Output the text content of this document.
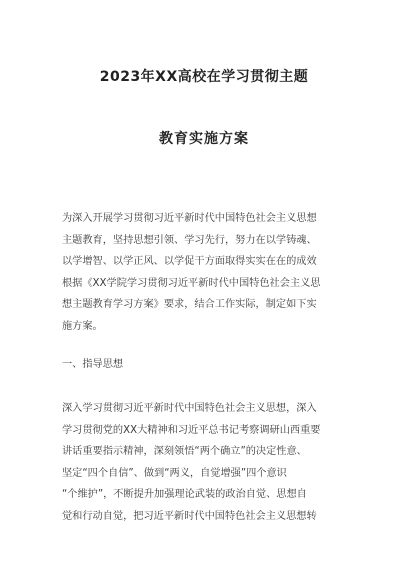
2023年XX高校在学习贯彻主题
教育实施方案
为深入开展学习贯彻习近平新时代中国特色社会主义思想
主题教育，坚持思想引领、学习先行，努力在以学铸魂、
以学增智、以学正风、以学促干方面取得实实在在的成效
根据《XX学院学习贯彻习近平新时代中国特色社会主义思
想主题教育学习方案》要求，结合工作实际，制定如下实
施方案。
一、指导思想
深入学习贯彻习近平新时代中国特色社会主义思想，深入
学习贯彻党的XX大精神和习近平总书记考察调研山西重要
讲话重要指示精神，深刻领悟“两个确立”的决定性意、
坚定“四个自信”、做到“两义，自觉增强”四个意识
“个维护”，不断提升加强理论武装的政治自觉、思想自
觉和行动自觉，把习近平新时代中国特色社会主义思想转
